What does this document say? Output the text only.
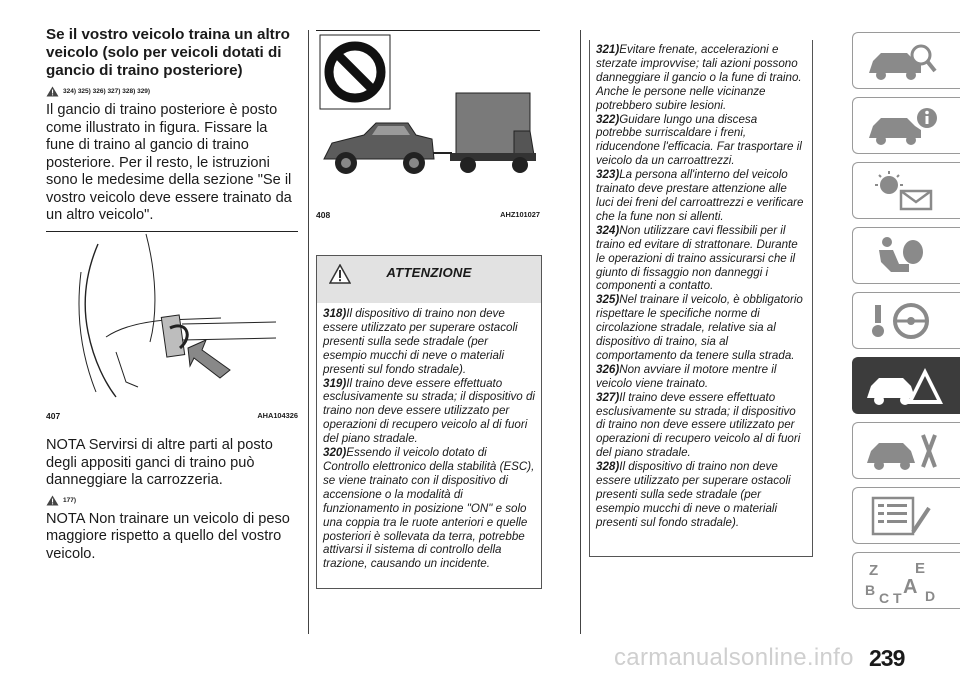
Se il vostro veicolo traina un altro veicolo (solo per veicoli dotati di gancio di traino posteriore)
324) 325) 326) 327) 328) 329)

Il gancio di traino posteriore è posto come illustrato in figura. Fissare la fune di traino al gancio di traino posteriore. Per il resto, le istruzioni sono le medesime della sezione "Se il vostro veicolo deve essere trainato da un altro veicolo".

407	AHA104326

NOTA Servirsi di altre parti al posto degli appositi ganci di traino può danneggiare la carrozzeria.

177)

NOTA Non trainare un veicolo di peso maggiore rispetto a quello del vostro veicolo.

408	AHZ101027
ATTENZIONE
318)Il dispositivo di traino non deve essere utilizzato per superare ostacoli presenti sulla sede stradale (per esempio mucchi di neve o materiali presenti sul fondo stradale).
319)Il traino deve essere effettuato esclusivamente su strada; il dispositivo di traino non deve essere utilizzato per operazioni di recupero veicolo al di fuori del piano stradale.
320)Essendo il veicolo dotato di Controllo elettronico della stabilità (ESC), se viene trainato con il dispositivo di accensione o la modalità di funzionamento in posizione "ON" e solo una coppia tra le ruote anteriori e quelle posteriori è sollevata da terra, potrebbe attivarsi il sistema di controllo della trazione, causando un incidente.
321)Evitare frenate, accelerazioni e sterzate improvvise; tali azioni possono danneggiare il gancio o la fune di traino. Anche le persone nelle vicinanze potrebbero subire lesioni.
322)Guidare lungo una discesa potrebbe surriscaldare i freni, riducendone l'efficacia. Far trasportare il veicolo da un carroattrezzi.
323)La persona all'interno del veicolo trainato deve prestare attenzione alle luci dei freni del carroattrezzi e verificare che la fune non si allenti.
324)Non utilizzare cavi flessibili per il traino ed evitare di strattonare. Durante le operazioni di traino assicurarsi che il giunto di fissaggio non danneggi i componenti a contatto.
325)Nel trainare il veicolo, è obbligatorio rispettare le specifiche norme di circolazione stradale, relative sia al dispositivo di traino, sia al comportamento da tenere sulla strada.
326)Non avviare il motore mentre il veicolo viene trainato.
327)Il traino deve essere effettuato esclusivamente su strada; il dispositivo di traino non deve essere utilizzato per operazioni di recupero veicolo al di fuori del piano stradale.
328)Il dispositivo di traino non deve essere utilizzato per superare ostacoli presenti sulla sede stradale (per esempio mucchi di neve o materiali presenti sul fondo stradale).
Z E
B A
C T D
carmanualsonline.info 239
